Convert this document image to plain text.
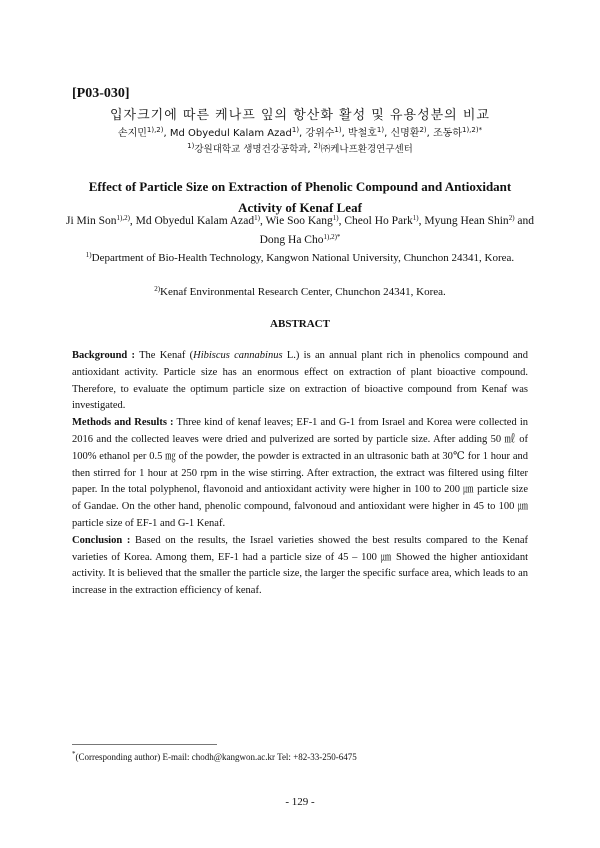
[P03-030]
입자크기에 따른 케나프 잎의 항산화 활성 및 유용성분의 비교
손지민$^{1),2)}$, Md Obyedul Kalam Azad$^{1)}$, 강위수$^{1)}$, 박철호$^{1)}$, 신명환$^{2)}$, 조동하$^{1),2)*}$
$^{1)}$강원대학교 생명건강공학과, $^{2)}$㈜케나프환경연구센터
Effect of Particle Size on Extraction of Phenolic Compound and Antioxidant
Activity of Kenaf Leaf
Ji Min Son$^{1),2)}$, Md Obyedul Kalam Azad$^{1)}$, Wie Soo Kang$^{1)}$, Cheol Ho Park$^{1)}$, Myung Hean Shin$^{2)}$ and Dong Ha Cho$^{1),2)*}$
$^{1)}$Department of Bio-Health Technology, Kangwon National University, Chunchon 24341, Korea.
$^{2)}$Kenaf Environmental Research Center, Chunchon 24341, Korea.
ABSTRACT

Background : The Kenaf (Hibiscus cannabinus L.) is an annual plant rich in phenolics compound and antioxidant activity. Particle size has an enormous effect on extraction of plant bioactive compound. Therefore, to evaluate the optimum particle size on extraction of bioactive compound from Kenaf was investigated.

Methods and Results : Three kind of kenaf leaves; EF-1 and G-1 from Israel and Korea were collected in 2016 and the collected leaves were dried and pulverized are sorted by particle size. After adding 50 ㎖ of 100% ethanol per 0.5 ㎎ of the powder, the powder is extracted in an ultrasonic bath at 30℃ for 1 hour and then stirred for 1 hour at 250 rpm in the wise stirring. After extraction, the extract was filtered using filter paper. In the total polyphenol, flavonoid and antioxidant activity were higher in 100 to 200 ㎛ particle size of Gandae. On the other hand, phenolic compound, falvonoud and antioxidant were higher in 45 to 100 ㎛ particle size of EF-1 and G-1 Kenaf.

Conclusion : Based on the results, the Israel varieties showed the best results compared to the Kenaf varieties of Korea. Among them, EF-1 had a particle size of 45 – 100 ㎛ Showed the higher antioxidant activity. It is believed that the smaller the particle size, the larger the specific surface area, which leads to an increase in the extraction efficiency of kenaf.

*(Corresponding author) E-mail: chodh@kangwon.ac.kr Tel: +82-33-250-6475
- 129 -
